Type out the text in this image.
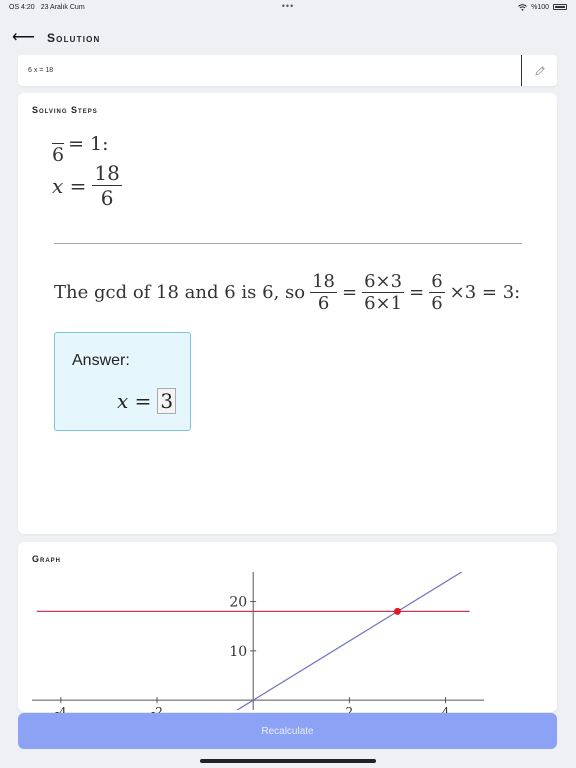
OS 4:20 23 Aralık Cum	•••	%100
⟵ Solution
6 x = 18
Solving Steps

6
= 1:
$x = \frac{18}{6}$
The gcd of 18 and 6 is 6, so $\frac{18}{6} = \frac{6\times 3}{6\times 1} = \frac{6}{6} \times 3 = 3$:
Answer:
x = 3
Graph
20
10
Recalculate
